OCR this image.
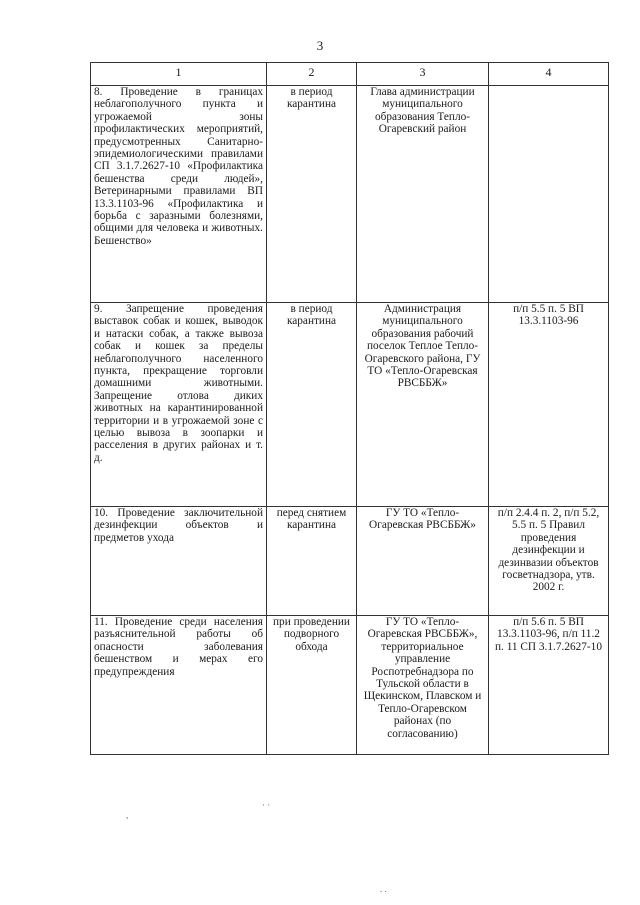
3
1	2	3	4
8. Проведение в границах неблагополучного пункта и угрожаемой зоны профилактических мероприятий, предусмотренных Санитарно-эпидемиологическими правилами СП 3.1.7.2627-10 «Профилактика бешенства среди людей», Ветеринарными правилами ВП 13.3.1103-96 «Профилактика и борьба с заразными болезнями, общими для человека и животных. Бешенство»	в период карантина	Глава администрации муниципального образования Тепло-Огаревский район	
9. Запрещение проведения выставок собак и кошек, выводок и натаски собак, а также вывоза собак и кошек за пределы неблагополучного населенного пункта, прекращение торговли домашними животными. Запрещение отлова диких животных на карантинированной территории и в угрожаемой зоне с целью вывоза в зоопарки и расселения в других районах и т. д.	в период карантина	Администрация муниципального образования рабочий поселок Теплое Тепло-Огаревского района, ГУ ТО «Тепло-Огаревская РВСББЖ»	п/п 5.5 п. 5 ВП 13.3.1103-96
10. Проведение заключительной дезинфекции объектов и предметов ухода	перед снятием карантина	ГУ ТО «Тепло-Огаревская РВСББЖ»	п/п 2.4.4 п. 2, п/п 5.2, 5.5 п. 5 Правил проведения дезинфекции и дезинвазии объектов госветнадзора, утв. 2002 г.
11. Проведение среди населения разъяснительной работы об опасности заболевания бешенством и мерах его предупреждения	при проведении подворного обхода	ГУ ТО «Тепло-Огаревская РВСББЖ», территориальное управление Роспотребнадзора по Тульской области в Щекинском, Плавском и Тепло-Огаревском районах (по согласованию)	п/п 5.6 п. 5 ВП 13.3.1103-96, п/п 11.2 п. 11 СП 3.1.7.2627-10
· ·
,
. .
